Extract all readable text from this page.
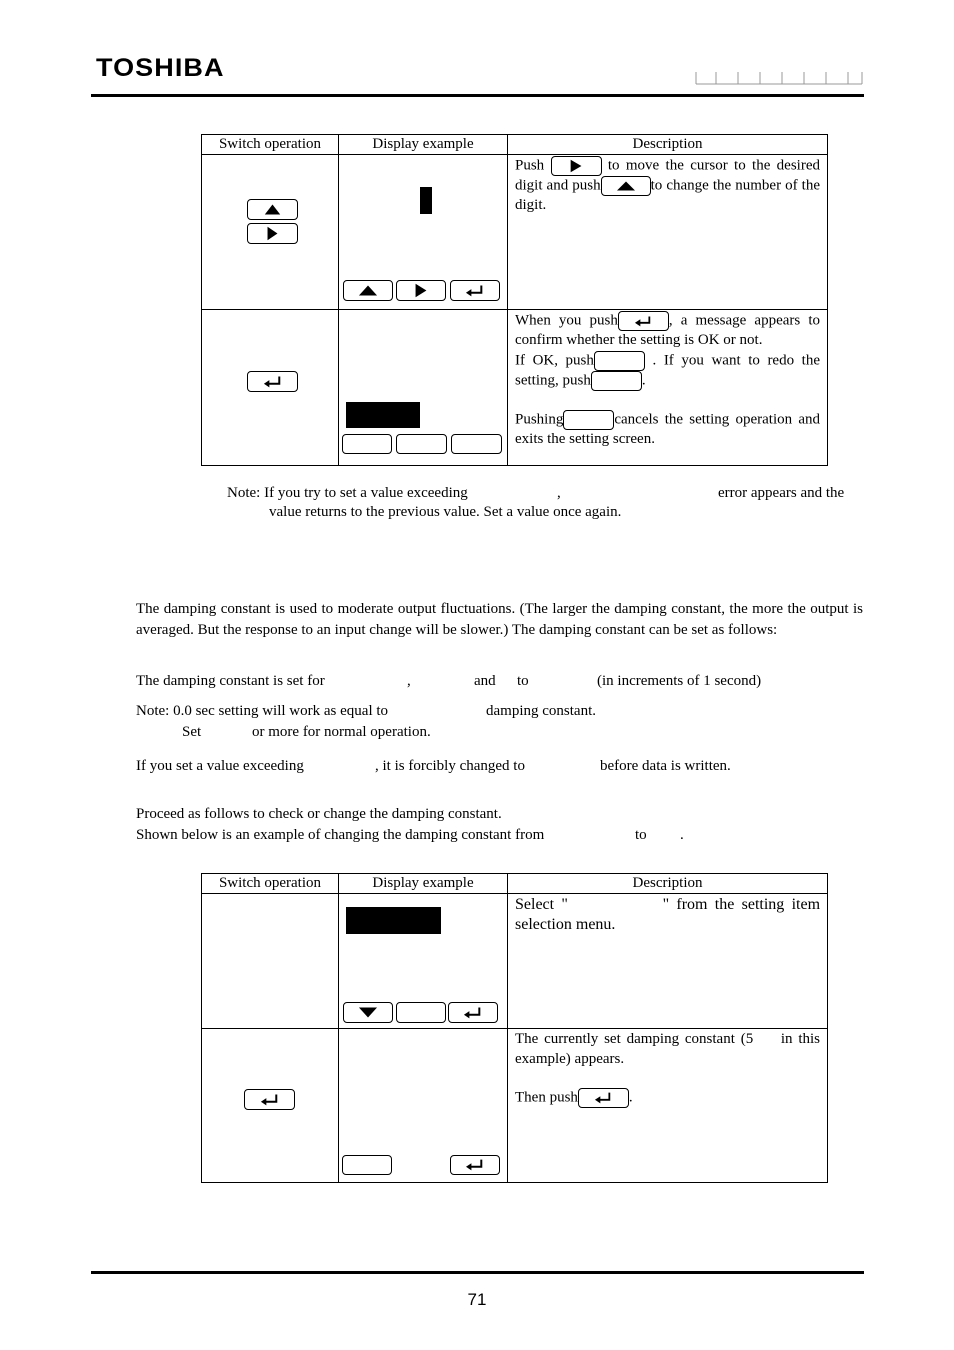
TOSHIBA
Switch operation	Display example	Description

Push to move the cursor to the desired digit and push to change the number of the digit.

When you push , a message appears to confirm whether the setting is OK or not.
If OK, push . If you want to redo the setting, push .
Pushing cancels the setting operation and exits the setting screen.
Note: If you try to set a value exceeding	,	error appears and the
value returns to the previous value. Set a value once again.
The damping constant is used to moderate output fluctuations. (The larger the damping constant, the more the output is averaged. But the response to an input change will be slower.) The damping constant can be set as follows:
The damping constant is set for	,	and to	(in increments of 1 second)
Note: 0.0 sec setting will work as equal to	damping constant.
Set	or more for normal operation.
If you set a value exceeding	, it is forcibly changed to	before data is written.
Proceed as follows to check or change the damping constant.
Shown below is an example of changing the damping constant from	to .
Switch operation	Display example	Description

Select " " from the setting item selection menu.

The currently set damping constant (5 in this example) appears.
Then push .
71
